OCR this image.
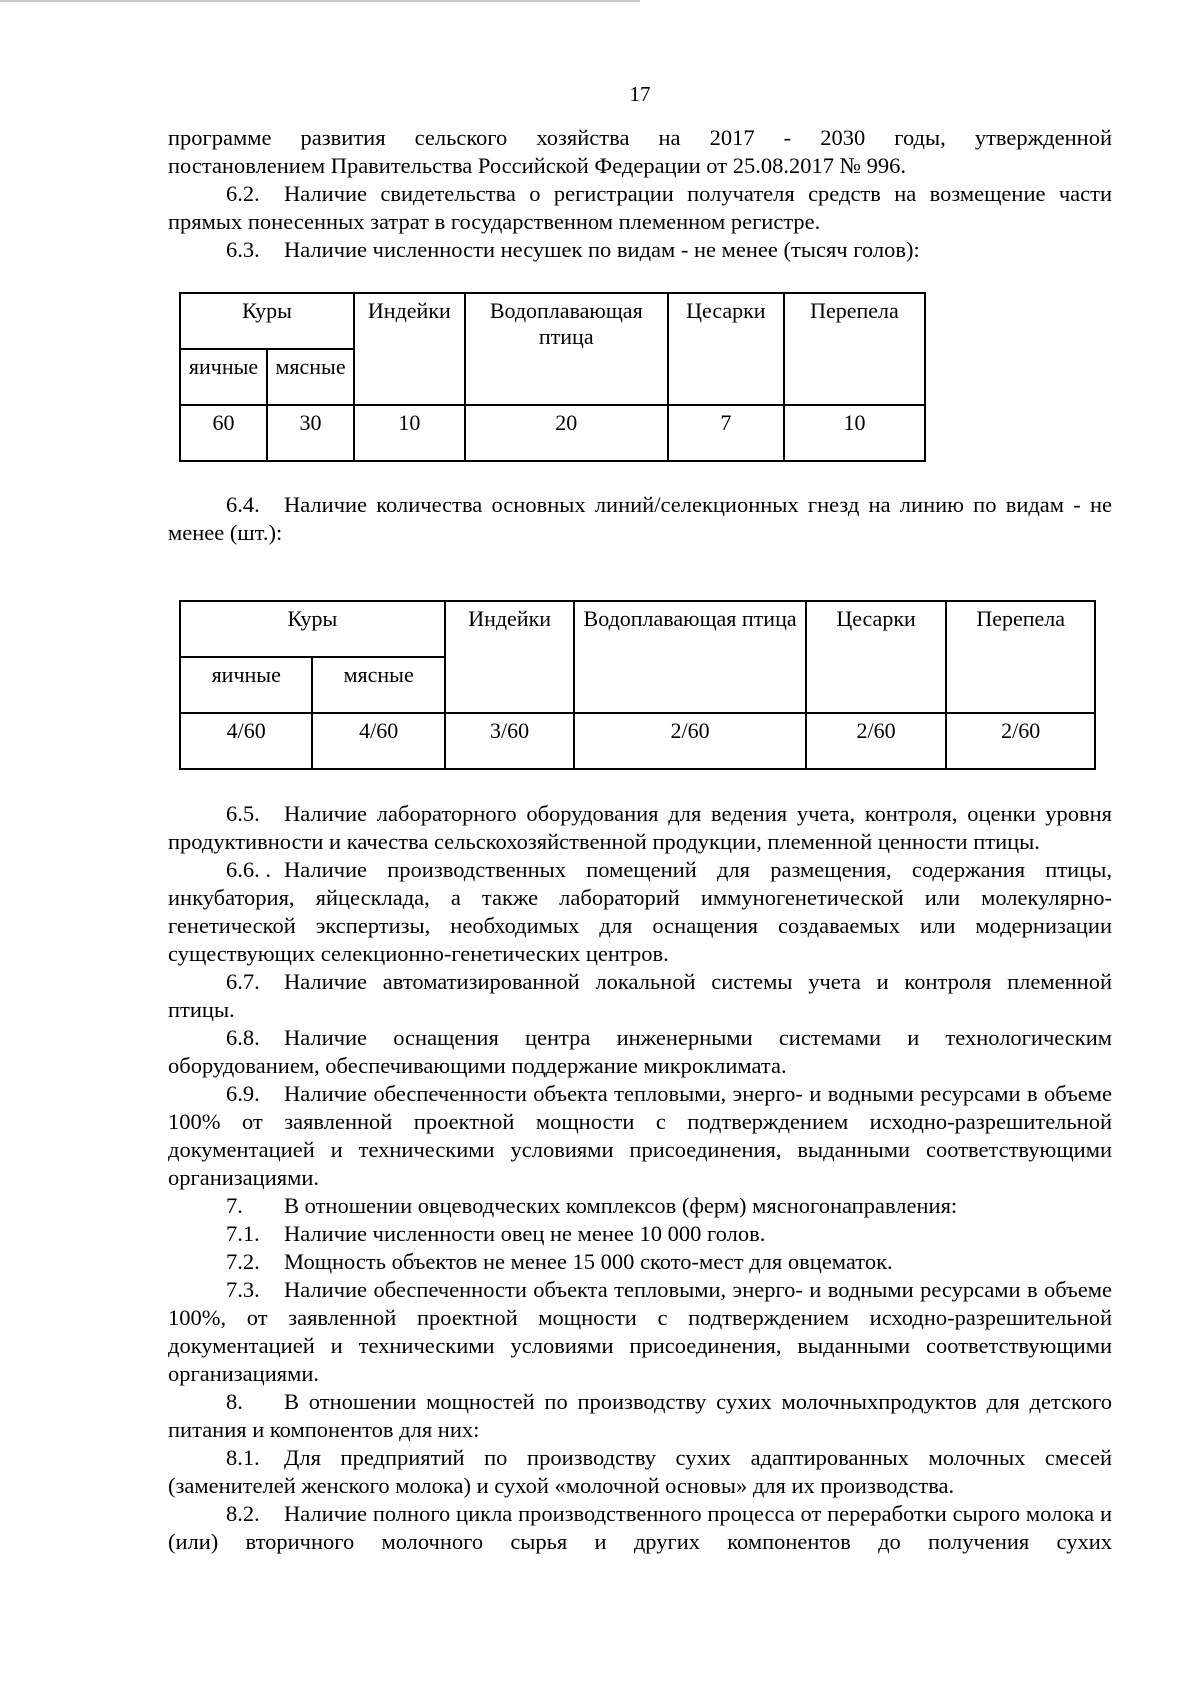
17

программе развития сельского хозяйства на 2017 - 2030 годы, утвержденной

постановлением Правительства Российской Федерации от 25.08.2017 № 996.

6.2. Наличие свидетельства о регистрации получателя средств на возмещение части прямых понесенных затрат в государственном племенном регистре.

6.3. Наличие численности несушек по видам - не менее (тысяч голов):

Куры		Индейки	Водоплавающая птица	Цесарки	Перепела
яичные	мясные				
60	30	10	20	7	10

6.4. Наличие количества основных линий/селекционных гнезд на линию по видам - не менее (шт.):

Куры		Индейки	Водоплавающая птица	Цесарки	Перепела
яичные	мясные				
4/60	4/60	3/60	2/60	2/60	2/60

6.5. Наличие лабораторного оборудования для ведения учета, контроля, оценки уровня продуктивности и качества сельскохозяйственной продукции, племенной ценности птицы.

6.6. . Наличие производственных помещений для размещения, содержания птицы, инкубатория, яйцесклада, а также лабораторий иммуногенетической или молекулярно-генетической экспертизы, необходимых для оснащения создаваемых или модернизации существующих селекционно-генетических центров.

6.7. Наличие автоматизированной локальной системы учета и контроля племенной птицы.

6.8. Наличие оснащения центра инженерными системами и технологическим оборудованием, обеспечивающими поддержание микроклимата.

6.9. Наличие обеспеченности объекта тепловыми, энерго- и водными ресурсами в объеме 100% от заявленной проектной мощности с подтверждением исходно-разрешительной документацией и техническими условиями присоединения, выданными соответствующими организациями.

7. В отношении овцеводческих комплексов (ферм) мясногонаправления:

7.1. Наличие численности овец не менее 10 000 голов.

7.2. Мощность объектов не менее 15 000 ското-мест для овцематок.

7.3. Наличие обеспеченности объекта тепловыми, энерго- и водными ресурсами в объеме 100%, от заявленной проектной мощности с подтверждением исходно-разрешительной документацией и техническими условиями присоединения, выданными соответствующими организациями.

8. В отношении мощностей по производству сухих молочныхпродуктов для детского питания и компонентов для них:

8.1. Для предприятий по производству сухих адаптированных молочных смесей (заменителей женского молока) и сухой «молочной основы» для их производства.

8.2. Наличие полного цикла производственного процесса от переработки сырого молока и (или) вторичного молочного сырья и других компонентов до получения сухих
